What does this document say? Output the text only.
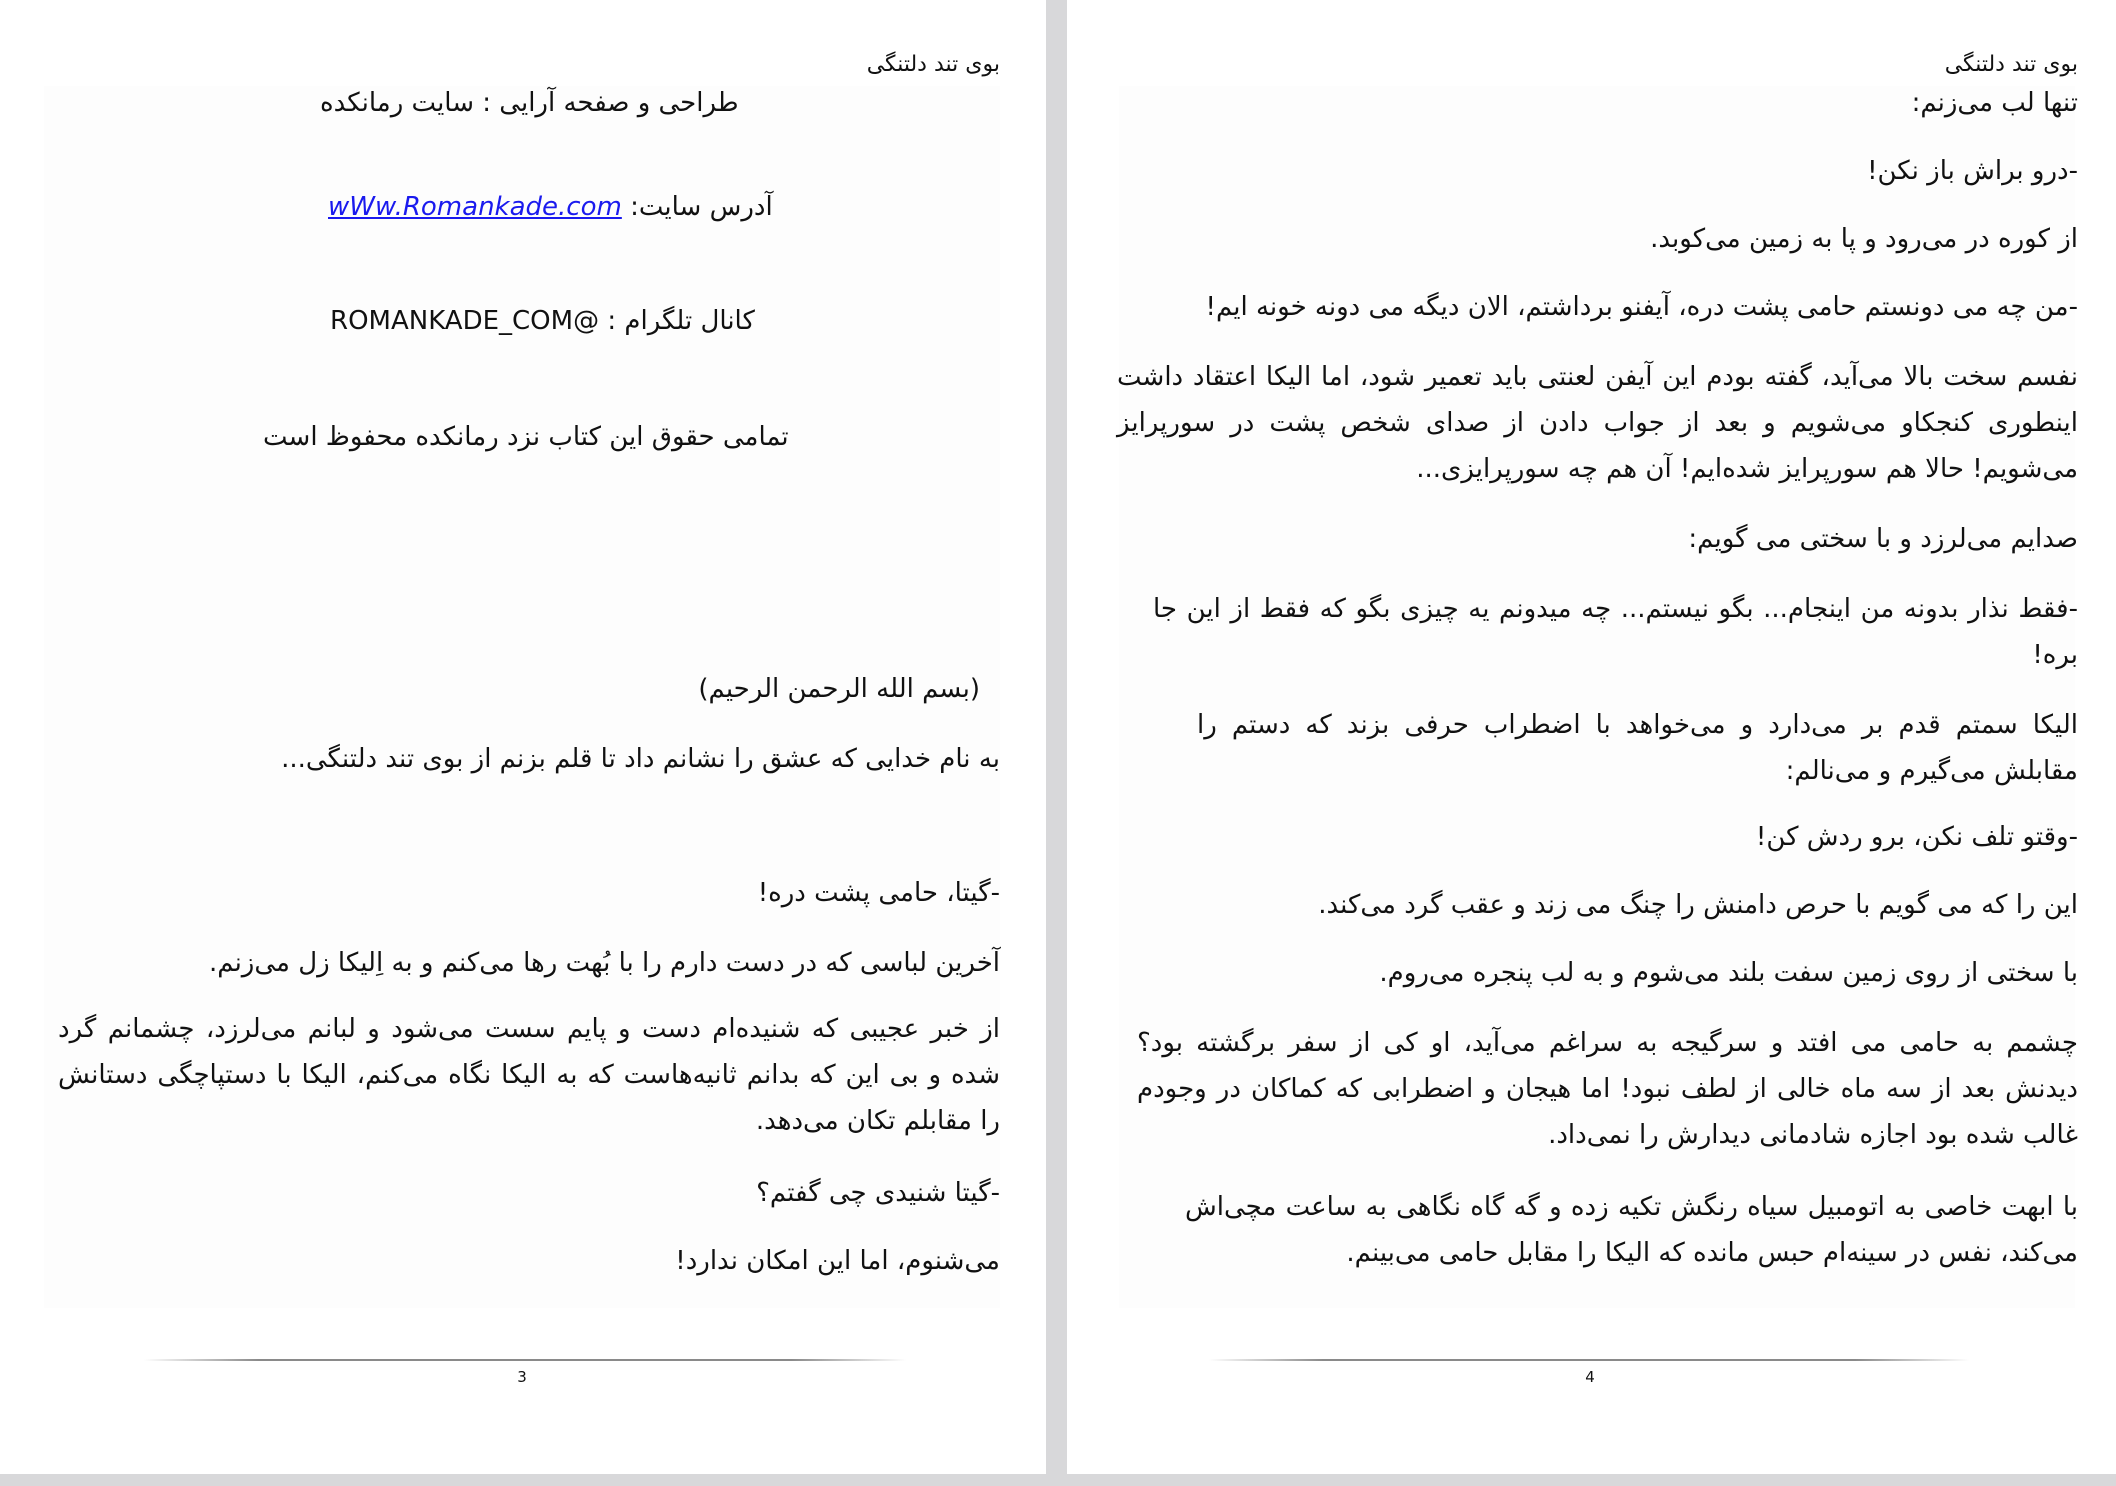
بوی تند دلتنگی
طراحی و صفحه آرایی : سایت رمانکده
آدرس سایت: wWw.Romankade.com
کانال تلگرام : @ROMANKADE_COM
تمامی حقوق این کتاب نزد رمانکده محفوظ است
(بسم الله الرحمن الرحیم)
به نام خدایی که عشق را نشانم داد تا قلم بزنم از بوی تند دلتنگی...
-گیتا، حامی پشت دره!
آخرین لباسی که در دست دارم را با بُهت رها می‌کنم و به اِلیکا زل می‌زنم.
از خبر عجیبی که شنیده‌ام دست و پایم سست می‌شود و لبانم می‌لرزد، چشمانم گرد شده و بی این که بدانم ثانیه‌هاست که به الیکا نگاه می‌کنم، الیکا با دستپاچگی دستانش را مقابلم تکان می‌دهد.
-گیتا شنیدی چی گفتم؟
می‌شنوم، اما این امکان ندارد!
3
بوی تند دلتنگی
تنها لب می‌زنم:
-درو براش باز نکن!
از کوره در می‌رود و پا به زمین می‌کوبد.
-من چه می دونستم حامی پشت دره، آیفنو برداشتم، الان دیگه می دونه خونه ایم!
نفسم سخت بالا می‌آید، گفته بودم این آیفن لعنتی باید تعمیر شود، اما الیکا اعتقاد داشت اینطوری کنجکاو می‌شویم و بعد از جواب دادن از صدای شخص پشت در سورپرایز می‌شویم! حالا هم سورپرایز شده‌ایم! آن هم چه سورپرایزی...
صدایم می‌لرزد و با سختی می گویم:
-فقط نذار بدونه من اینجام... بگو نیستم... چه میدونم یه چیزی بگو که فقط از این جا بره!
الیکا سمتم قدم بر می‌دارد و می‌خواهد با اضطراب حرفی بزند که دستم را مقابلش می‌گیرم و می‌نالم:
-وقتو تلف نکن، برو ردش کن!
این را که می گویم با حرص دامنش را چنگ می زند و عقب گرد می‌کند.
با سختی از روی زمین سفت بلند می‌شوم و به لب پنجره می‌روم.
چشمم به حامی می افتد و سرگیجه به سراغم می‌آید، او کی از سفر برگشته بود؟ دیدنش بعد از سه ماه خالی از لطف نبود! اما هیجان و اضطرابی که کماکان در وجودم غالب شده بود اجازه شادمانی دیدارش را نمی‌داد.
با ابهت خاصی به اتومبیل سیاه رنگش تکیه زده و گه گاه نگاهی به ساعت مچی‌اش می‌کند، نفس در سینه‌ام حبس مانده که الیکا را مقابل حامی می‌بینم.
4
